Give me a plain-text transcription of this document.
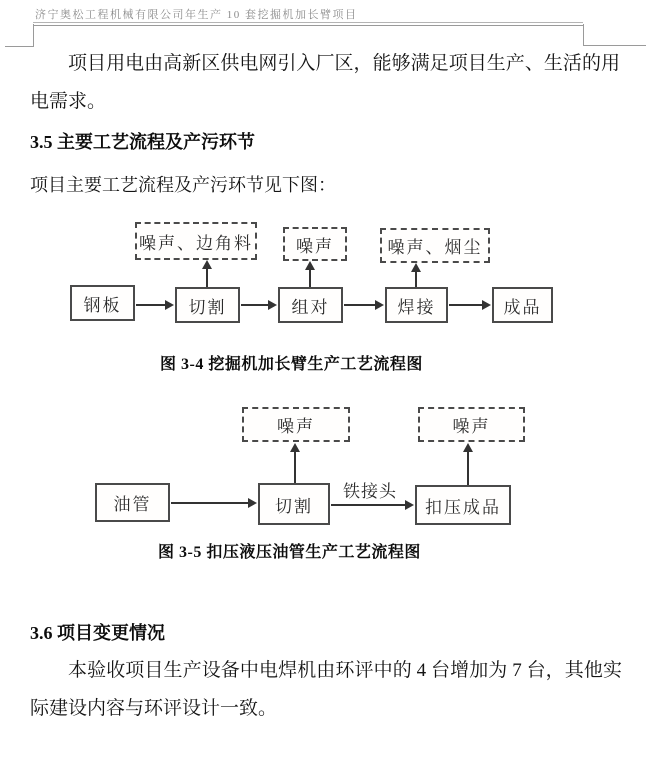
济宁奥松工程机械有限公司年生产 10 套挖掘机加长臂项目
项目用电由高新区供电网引入厂区，能够满足项目生产、生活的用电需求。
3.5 主要工艺流程及产污环节
项目主要工艺流程及产污环节见下图：
噪声、边角料	噪声	噪声、烟尘
钢板	切割	组对	焊接	成品
图 3-4 挖掘机加长臂生产工艺流程图
噪声	噪声
油管	切割	扣压成品
铁接头
图 3-5 扣压液压油管生产工艺流程图
3.6 项目变更情况
本验收项目生产设备中电焊机由环评中的 4 台增加为 7 台，其他实际建设内容与环评设计一致。
